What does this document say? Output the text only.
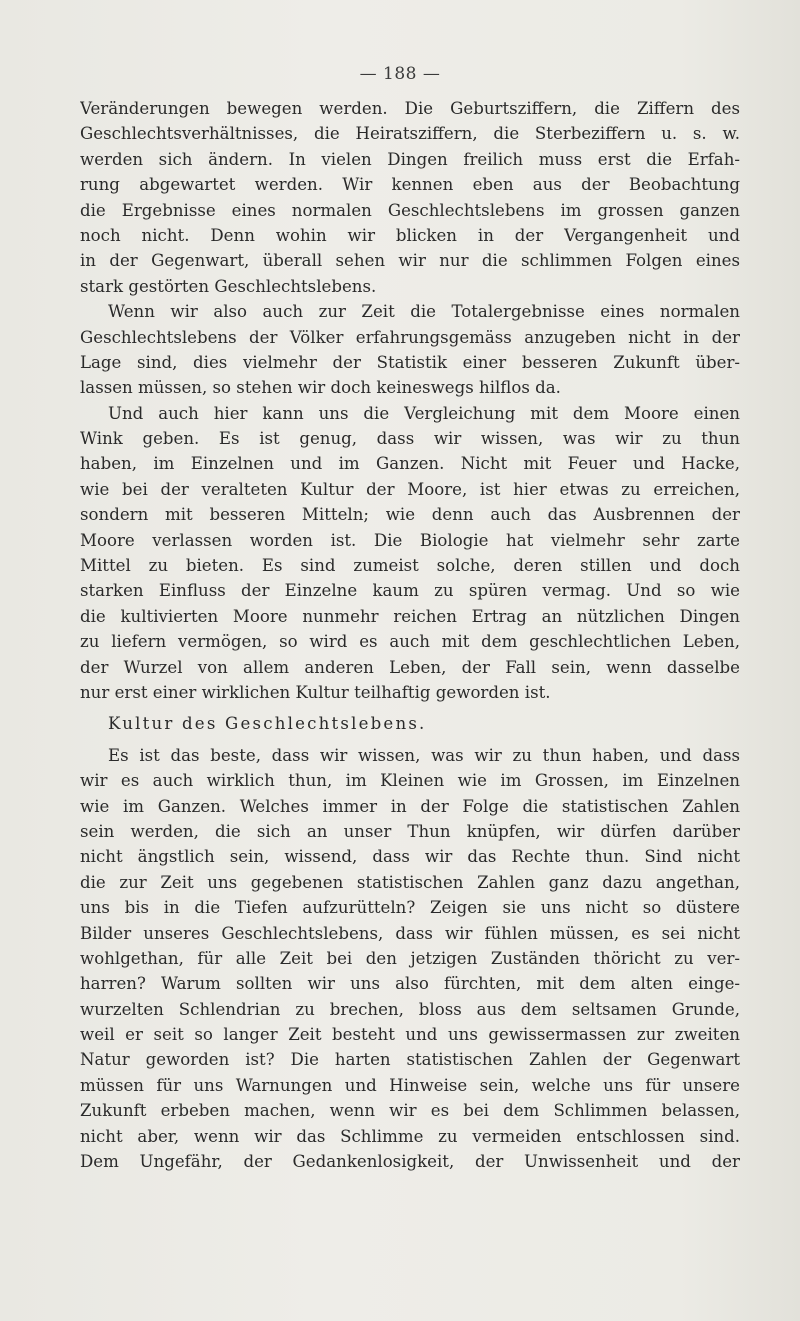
— 188 —
Veränderungen bewegen werden. Die Geburtsziffern, die Ziffern des
Geschlechtsverhältnisses, die Heiratsziffern, die Sterbeziffern u. s. w.
werden sich ändern. In vielen Dingen freilich muss erst die Erfah-
rung abgewartet werden. Wir kennen eben aus der Beobachtung
die Ergebnisse eines normalen Geschlechtslebens im grossen ganzen
noch nicht. Denn wohin wir blicken in der Vergangenheit und
in der Gegenwart, überall sehen wir nur die schlimmen Folgen eines
stark gestörten Geschlechtslebens.
Wenn wir also auch zur Zeit die Totalergebnisse eines normalen
Geschlechtslebens der Völker erfahrungsgemäss anzugeben nicht in der
Lage sind, dies vielmehr der Statistik einer besseren Zukunft über-
lassen müssen, so stehen wir doch keineswegs hilflos da.
Und auch hier kann uns die Vergleichung mit dem Moore einen
Wink geben. Es ist genug, dass wir wissen, was wir zu thun
haben, im Einzelnen und im Ganzen. Nicht mit Feuer und Hacke,
wie bei der veralteten Kultur der Moore, ist hier etwas zu erreichen,
sondern mit besseren Mitteln; wie denn auch das Ausbrennen der
Moore verlassen worden ist. Die Biologie hat vielmehr sehr zarte
Mittel zu bieten. Es sind zumeist solche, deren stillen und doch
starken Einfluss der Einzelne kaum zu spüren vermag. Und so wie
die kultivierten Moore nunmehr reichen Ertrag an nützlichen Dingen
zu liefern vermögen, so wird es auch mit dem geschlechtlichen Leben,
der Wurzel von allem anderen Leben, der Fall sein, wenn dasselbe
nur erst einer wirklichen Kultur teilhaftig geworden ist.
Kultur des Geschlechtslebens.
Es ist das beste, dass wir wissen, was wir zu thun haben, und dass
wir es auch wirklich thun, im Kleinen wie im Grossen, im Einzelnen
wie im Ganzen. Welches immer in der Folge die statistischen Zahlen
sein werden, die sich an unser Thun knüpfen, wir dürfen darüber
nicht ängstlich sein, wissend, dass wir das Rechte thun. Sind nicht
die zur Zeit uns gegebenen statistischen Zahlen ganz dazu angethan,
uns bis in die Tiefen aufzurütteln? Zeigen sie uns nicht so düstere
Bilder unseres Geschlechtslebens, dass wir fühlen müssen, es sei nicht
wohlgethan, für alle Zeit bei den jetzigen Zuständen thöricht zu ver-
harren? Warum sollten wir uns also fürchten, mit dem alten einge-
wurzelten Schlendrian zu brechen, bloss aus dem seltsamen Grunde,
weil er seit so langer Zeit besteht und uns gewissermassen zur zweiten
Natur geworden ist? Die harten statistischen Zahlen der Gegenwart
müssen für uns Warnungen und Hinweise sein, welche uns für unsere
Zukunft erbeben machen, wenn wir es bei dem Schlimmen belassen,
nicht aber, wenn wir das Schlimme zu vermeiden entschlossen sind.
Dem Ungefähr, der Gedankenlosigkeit, der Unwissenheit und der
